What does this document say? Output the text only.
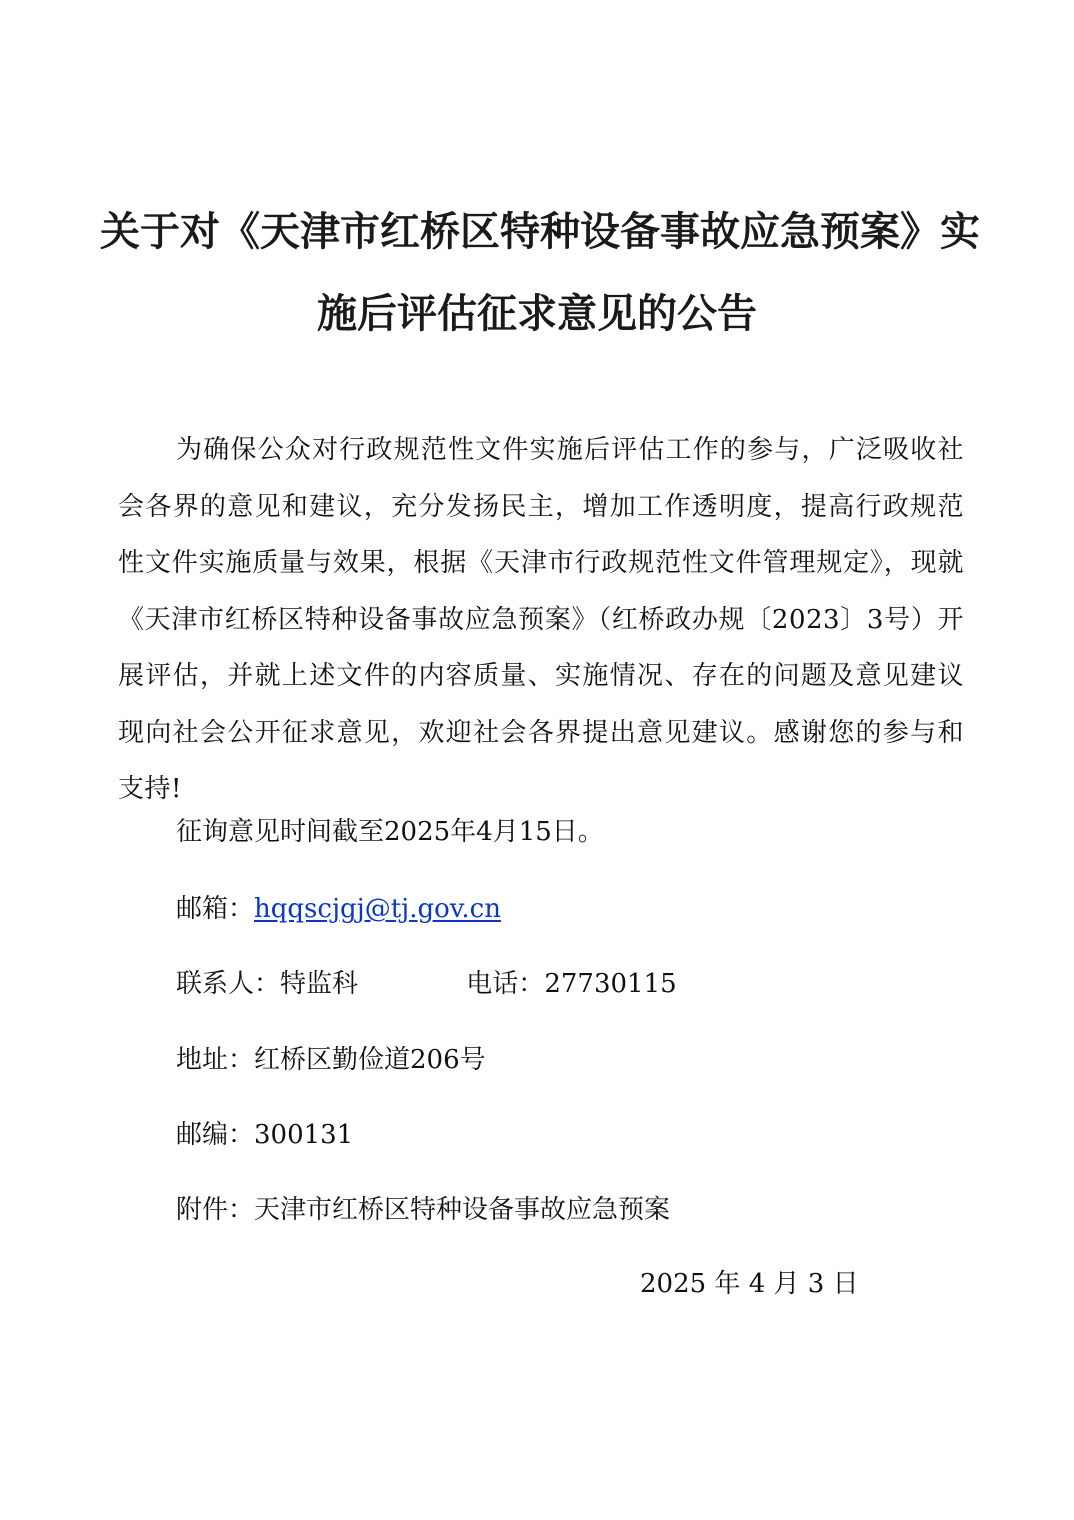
关于对《天津市红桥区特种设备事故应急预案》实
施后评估征求意见的公告

为确保公众对行政规范性文件实施后评估工作的参与，广泛吸收社会各界的意见和建议，充分发扬民主，增加工作透明度，提高行政规范性文件实施质量与效果，根据《天津市行政规范性文件管理规定》，现就《天津市红桥区特种设备事故应急预案》（红桥政办规〔2023〕3号）开展评估，并就上述文件的内容质量、实施情况、存在的问题及意见建议现向社会公开征求意见，欢迎社会各界提出意见建议。感谢您的参与和支持!

征询意见时间截至2025年4月15日。
邮箱：hqqscjgj@tj.gov.cn
联系人：特监科	电话：27730115
地址：红桥区勤俭道206号
邮编：300131
附件：天津市红桥区特种设备事故应急预案
2025 年 4 月 3 日
